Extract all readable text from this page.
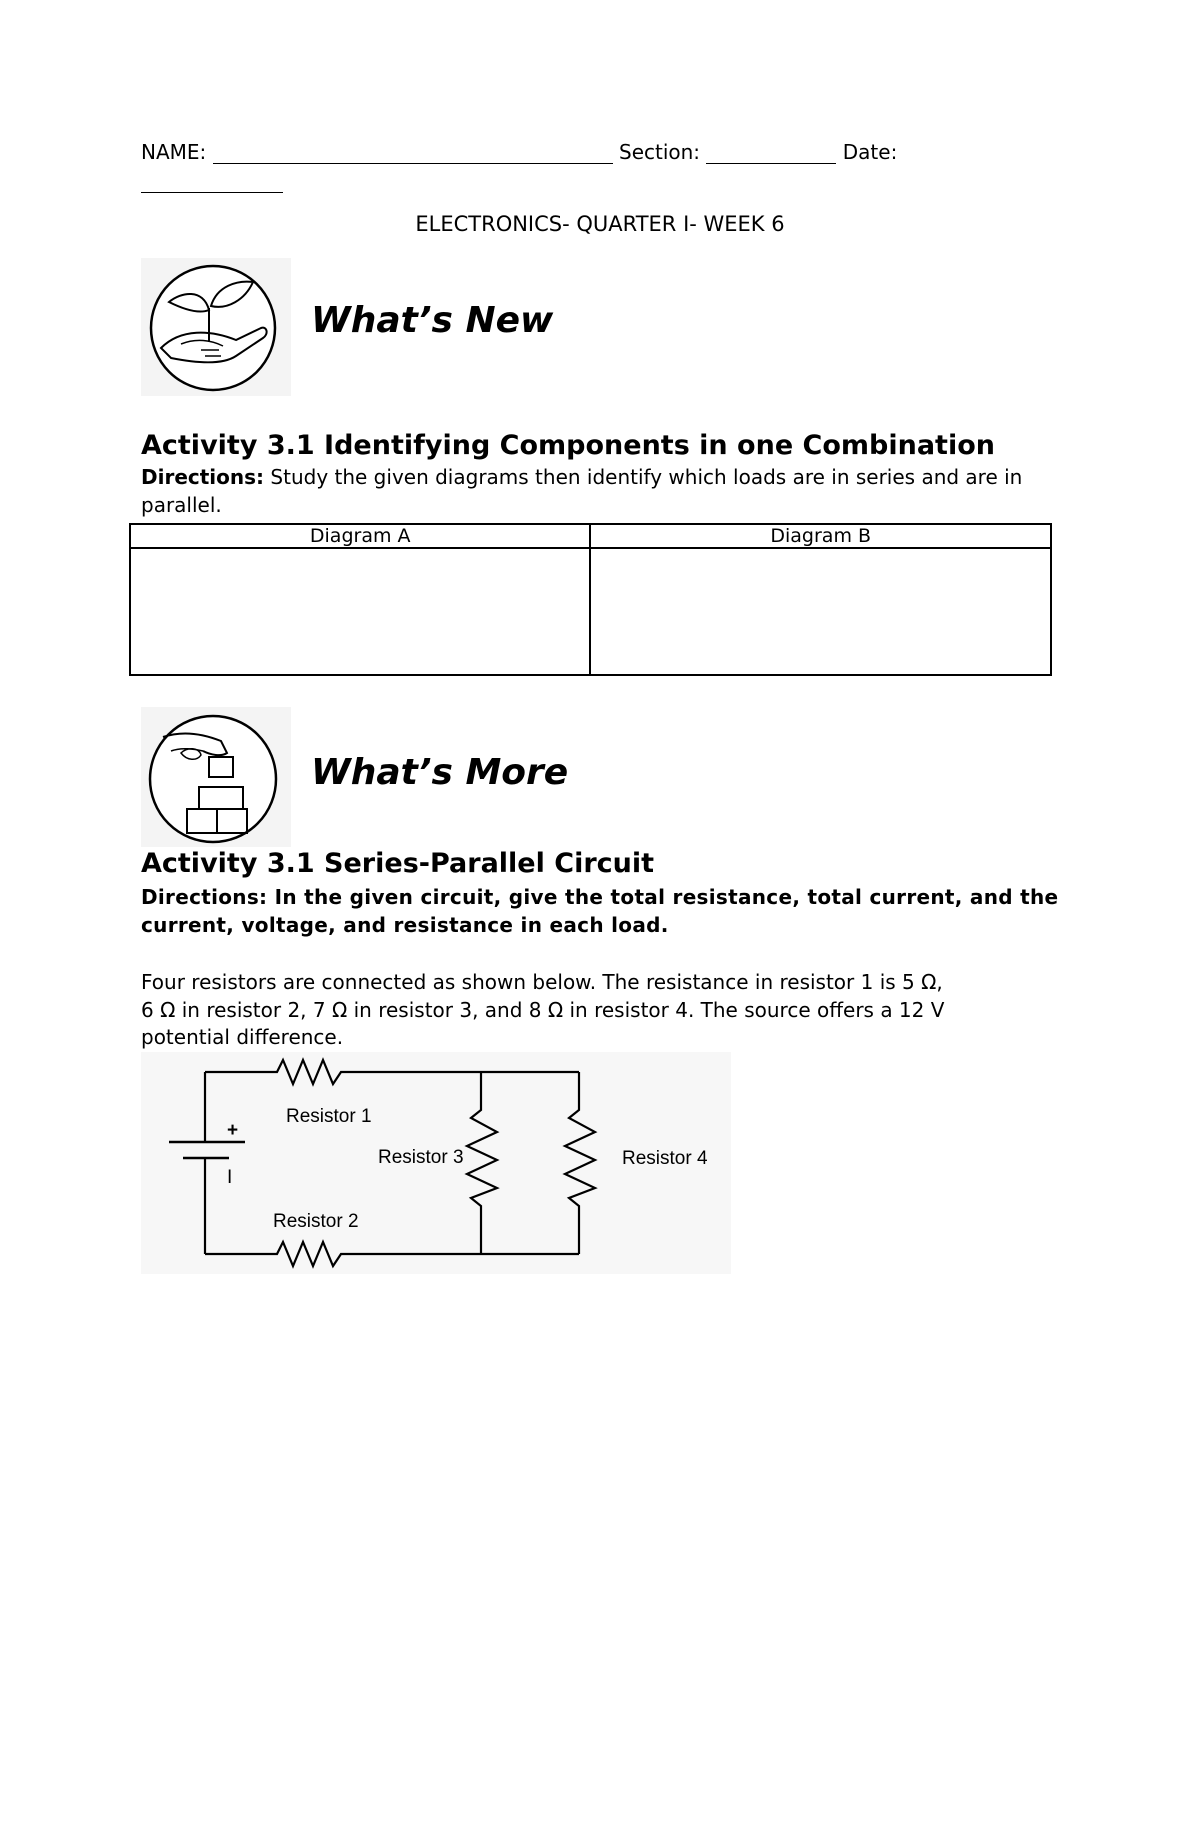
NAME:	Section:	Date:
ELECTRONICS- QUARTER I- WEEK 6
What’s New
Activity 3.1 Identifying Components in one Combination
Directions: Study the given diagrams then identify which loads are in series and are in parallel.
Diagram A	Diagram B

What’s More
Activity 3.1 Series-Parallel Circuit
Directions: In the given circuit, give the total resistance, total current, and the current, voltage, and resistance in each load.
Four resistors are connected as shown below. The resistance in resistor 1 is 5 Ω,
6 Ω in resistor 2, 7 Ω in resistor 3, and 8 Ω in resistor 4. The source offers a 12 V
potential difference.
+
I
Resistor 1
Resistor 2
Resistor 3	Resistor 4
